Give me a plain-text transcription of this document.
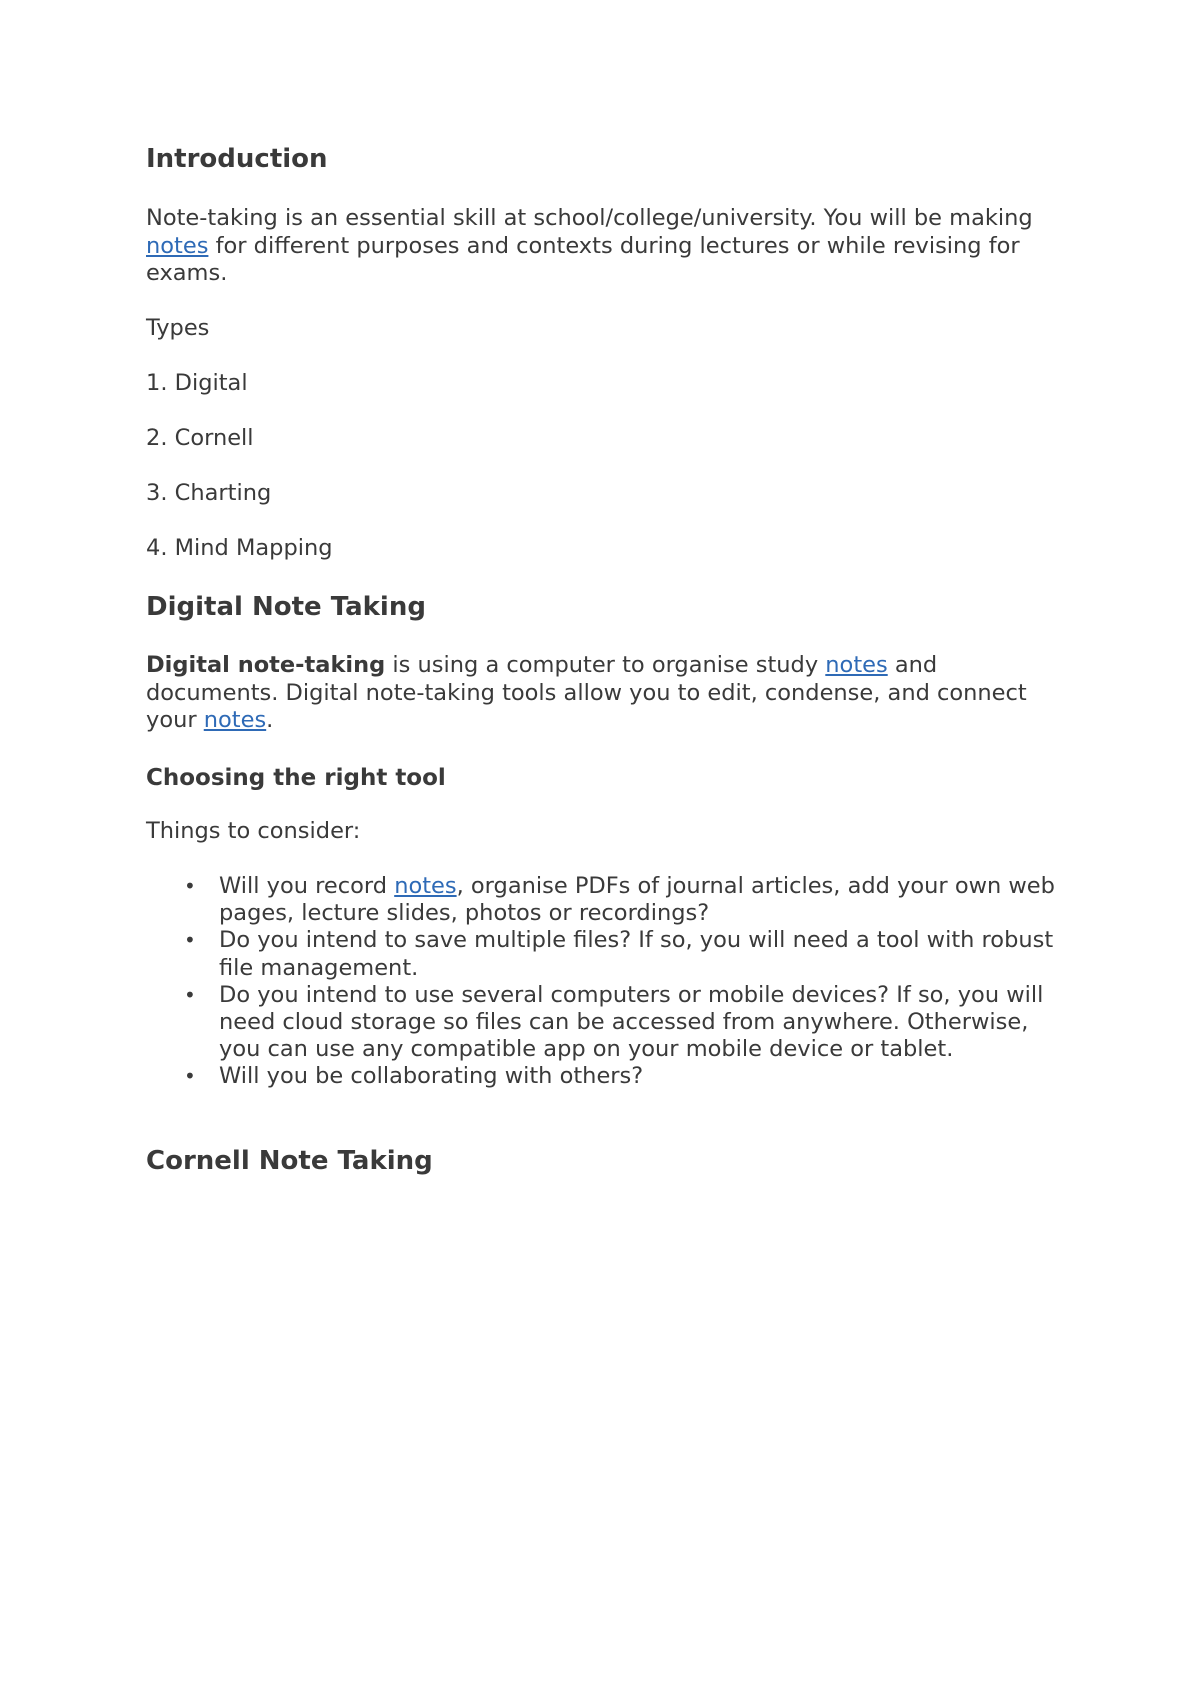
Introduction

Note-taking is an essential skill at school/college/university. You will be making notes for different purposes and contexts during lectures or while revising for exams.

Types

1. Digital

2. Cornell

3. Charting

4. Mind Mapping

Digital Note Taking

Digital note-taking is using a computer to organise study notes and documents. Digital note-taking tools allow you to edit, condense, and connect your notes.

Choosing the right tool

Things to consider:

• Will you record notes, organise PDFs of journal articles, add your own web pages, lecture slides, photos or recordings?
• Do you intend to save multiple files? If so, you will need a tool with robust file management.
• Do you intend to use several computers or mobile devices? If so, you will need cloud storage so files can be accessed from anywhere. Otherwise, you can use any compatible app on your mobile device or tablet.
• Will you be collaborating with others?
Cornell Note Taking
